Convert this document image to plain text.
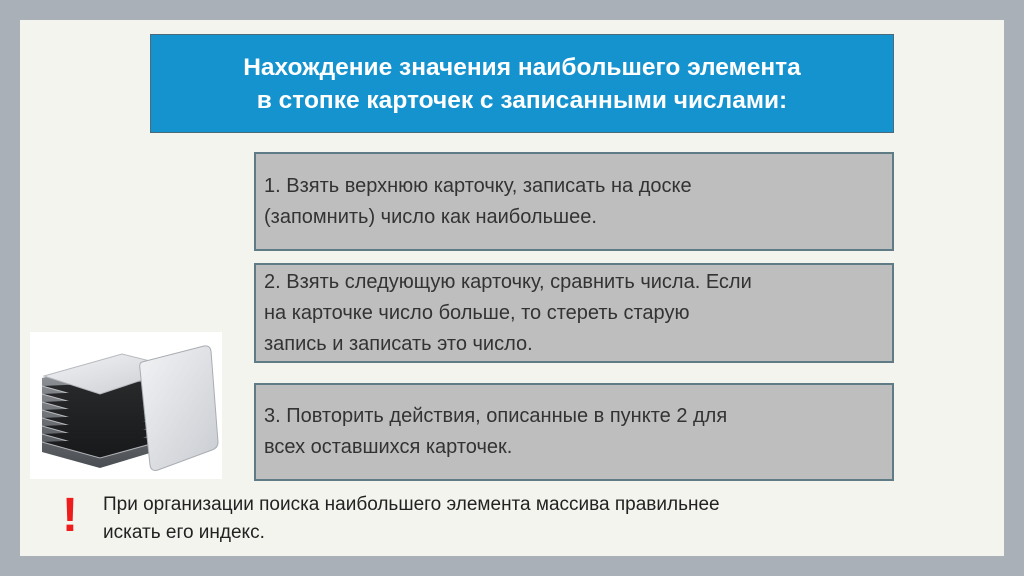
Нахождение значения наибольшего элемента
в стопке карточек с записанными числами:
1. Взять верхнюю карточку, записать на доске
(запомнить) число как наибольшее.
2. Взять следующую карточку, сравнить числа. Если
на карточке число больше, то стереть старую
запись и записать это число.
3. Повторить действия, описанные в пункте 2 для
всех оставшихся карточек.
!	При организации поиска наибольшего элемента массива правильнее
искать его индекс.
